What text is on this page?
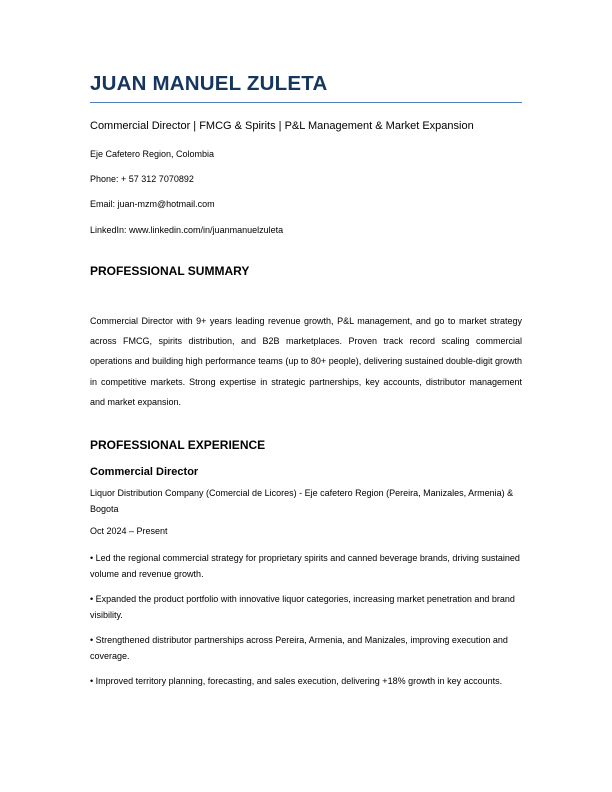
JUAN MANUEL ZULETA
Commercial Director | FMCG & Spirits | P&L Management & Market Expansion
Eje Cafetero Region, Colombia
Phone: + 57 312 7070892
Email: juan-mzm@hotmail.com
LinkedIn: www.linkedin.com/in/juanmanuelzuleta
PROFESSIONAL SUMMARY

Commercial Director with 9+ years leading revenue growth, P&L management, and go to market strategy across FMCG, spirits distribution, and B2B marketplaces. Proven track record scaling commercial operations and building high performance teams (up to 80+ people), delivering sustained double-digit growth in competitive markets. Strong expertise in strategic partnerships, key accounts, distributor management and market expansion.

PROFESSIONAL EXPERIENCE
Commercial Director

Liquor Distribution Company (Comercial de Licores) - Eje cafetero Region (Pereira, Manizales, Armenia) & Bogota

Oct 2024 – Present

• Led the regional commercial strategy for proprietary spirits and canned beverage brands, driving sustained volume and revenue growth.

• Expanded the product portfolio with innovative liquor categories, increasing market penetration and brand visibility.

• Strengthened distributor partnerships across Pereira, Armenia, and Manizales, improving execution and coverage.

• Improved territory planning, forecasting, and sales execution, delivering +18% growth in key accounts.
